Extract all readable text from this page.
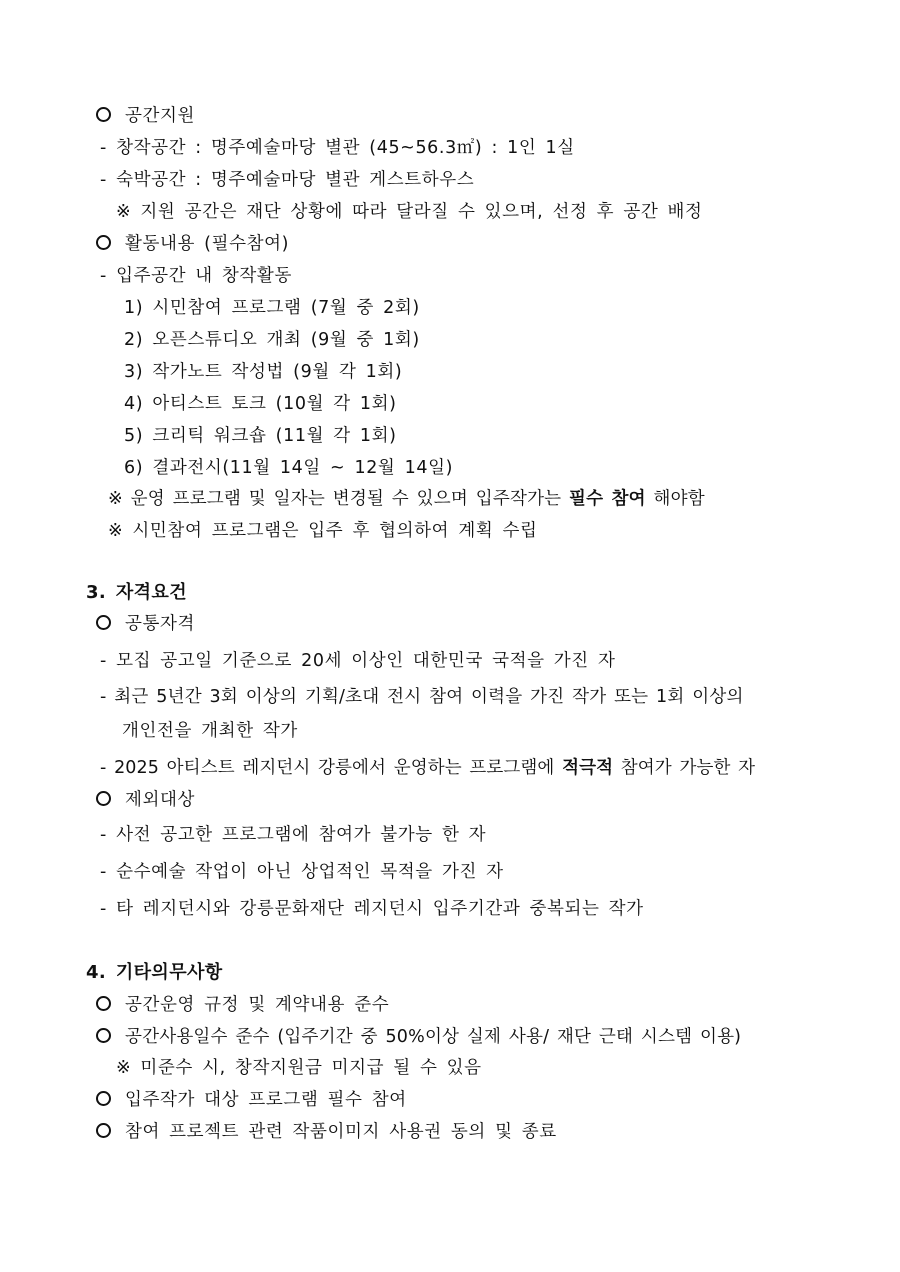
공간지원
- 창작공간 : 명주예술마당 별관 (45~56.3㎡) : 1인 1실
- 숙박공간 : 명주예술마당 별관 게스트하우스
※ 지원 공간은 재단 상황에 따라 달라질 수 있으며, 선정 후 공간 배정
활동내용 (필수참여)
- 입주공간 내 창작활동
1) 시민참여 프로그램 (7월 중 2회)
2) 오픈스튜디오 개최 (9월 중 1회)
3) 작가노트 작성법 (9월 각 1회)
4) 아티스트 토크 (10월 각 1회)
5) 크리틱 워크숍 (11월 각 1회)
6) 결과전시(11월 14일 ~ 12월 14일)
※ 운영 프로그램 및 일자는 변경될 수 있으며 입주작가는 필수 참여 해야함
※ 시민참여 프로그램은 입주 후 협의하여 계획 수립
3. 자격요건
공통자격
- 모집 공고일 기준으로 20세 이상인 대한민국 국적을 가진 자
- 최근 5년간 3회 이상의 기획/초대 전시 참여 이력을 가진 작가 또는 1회 이상의
개인전을 개최한 작가
- 2025 아티스트 레지던시 강릉에서 운영하는 프로그램에 적극적 참여가 가능한 자
제외대상
- 사전 공고한 프로그램에 참여가 불가능 한 자
- 순수예술 작업이 아닌 상업적인 목적을 가진 자
- 타 레지던시와 강릉문화재단 레지던시 입주기간과 중복되는 작가
4. 기타의무사항
공간운영 규정 및 계약내용 준수
공간사용일수 준수 (입주기간 중 50%이상 실제 사용/ 재단 근태 시스템 이용)
※ 미준수 시, 창작지원금 미지급 될 수 있음
입주작가 대상 프로그램 필수 참여
참여 프로젝트 관련 작품이미지 사용권 동의 및 종료
